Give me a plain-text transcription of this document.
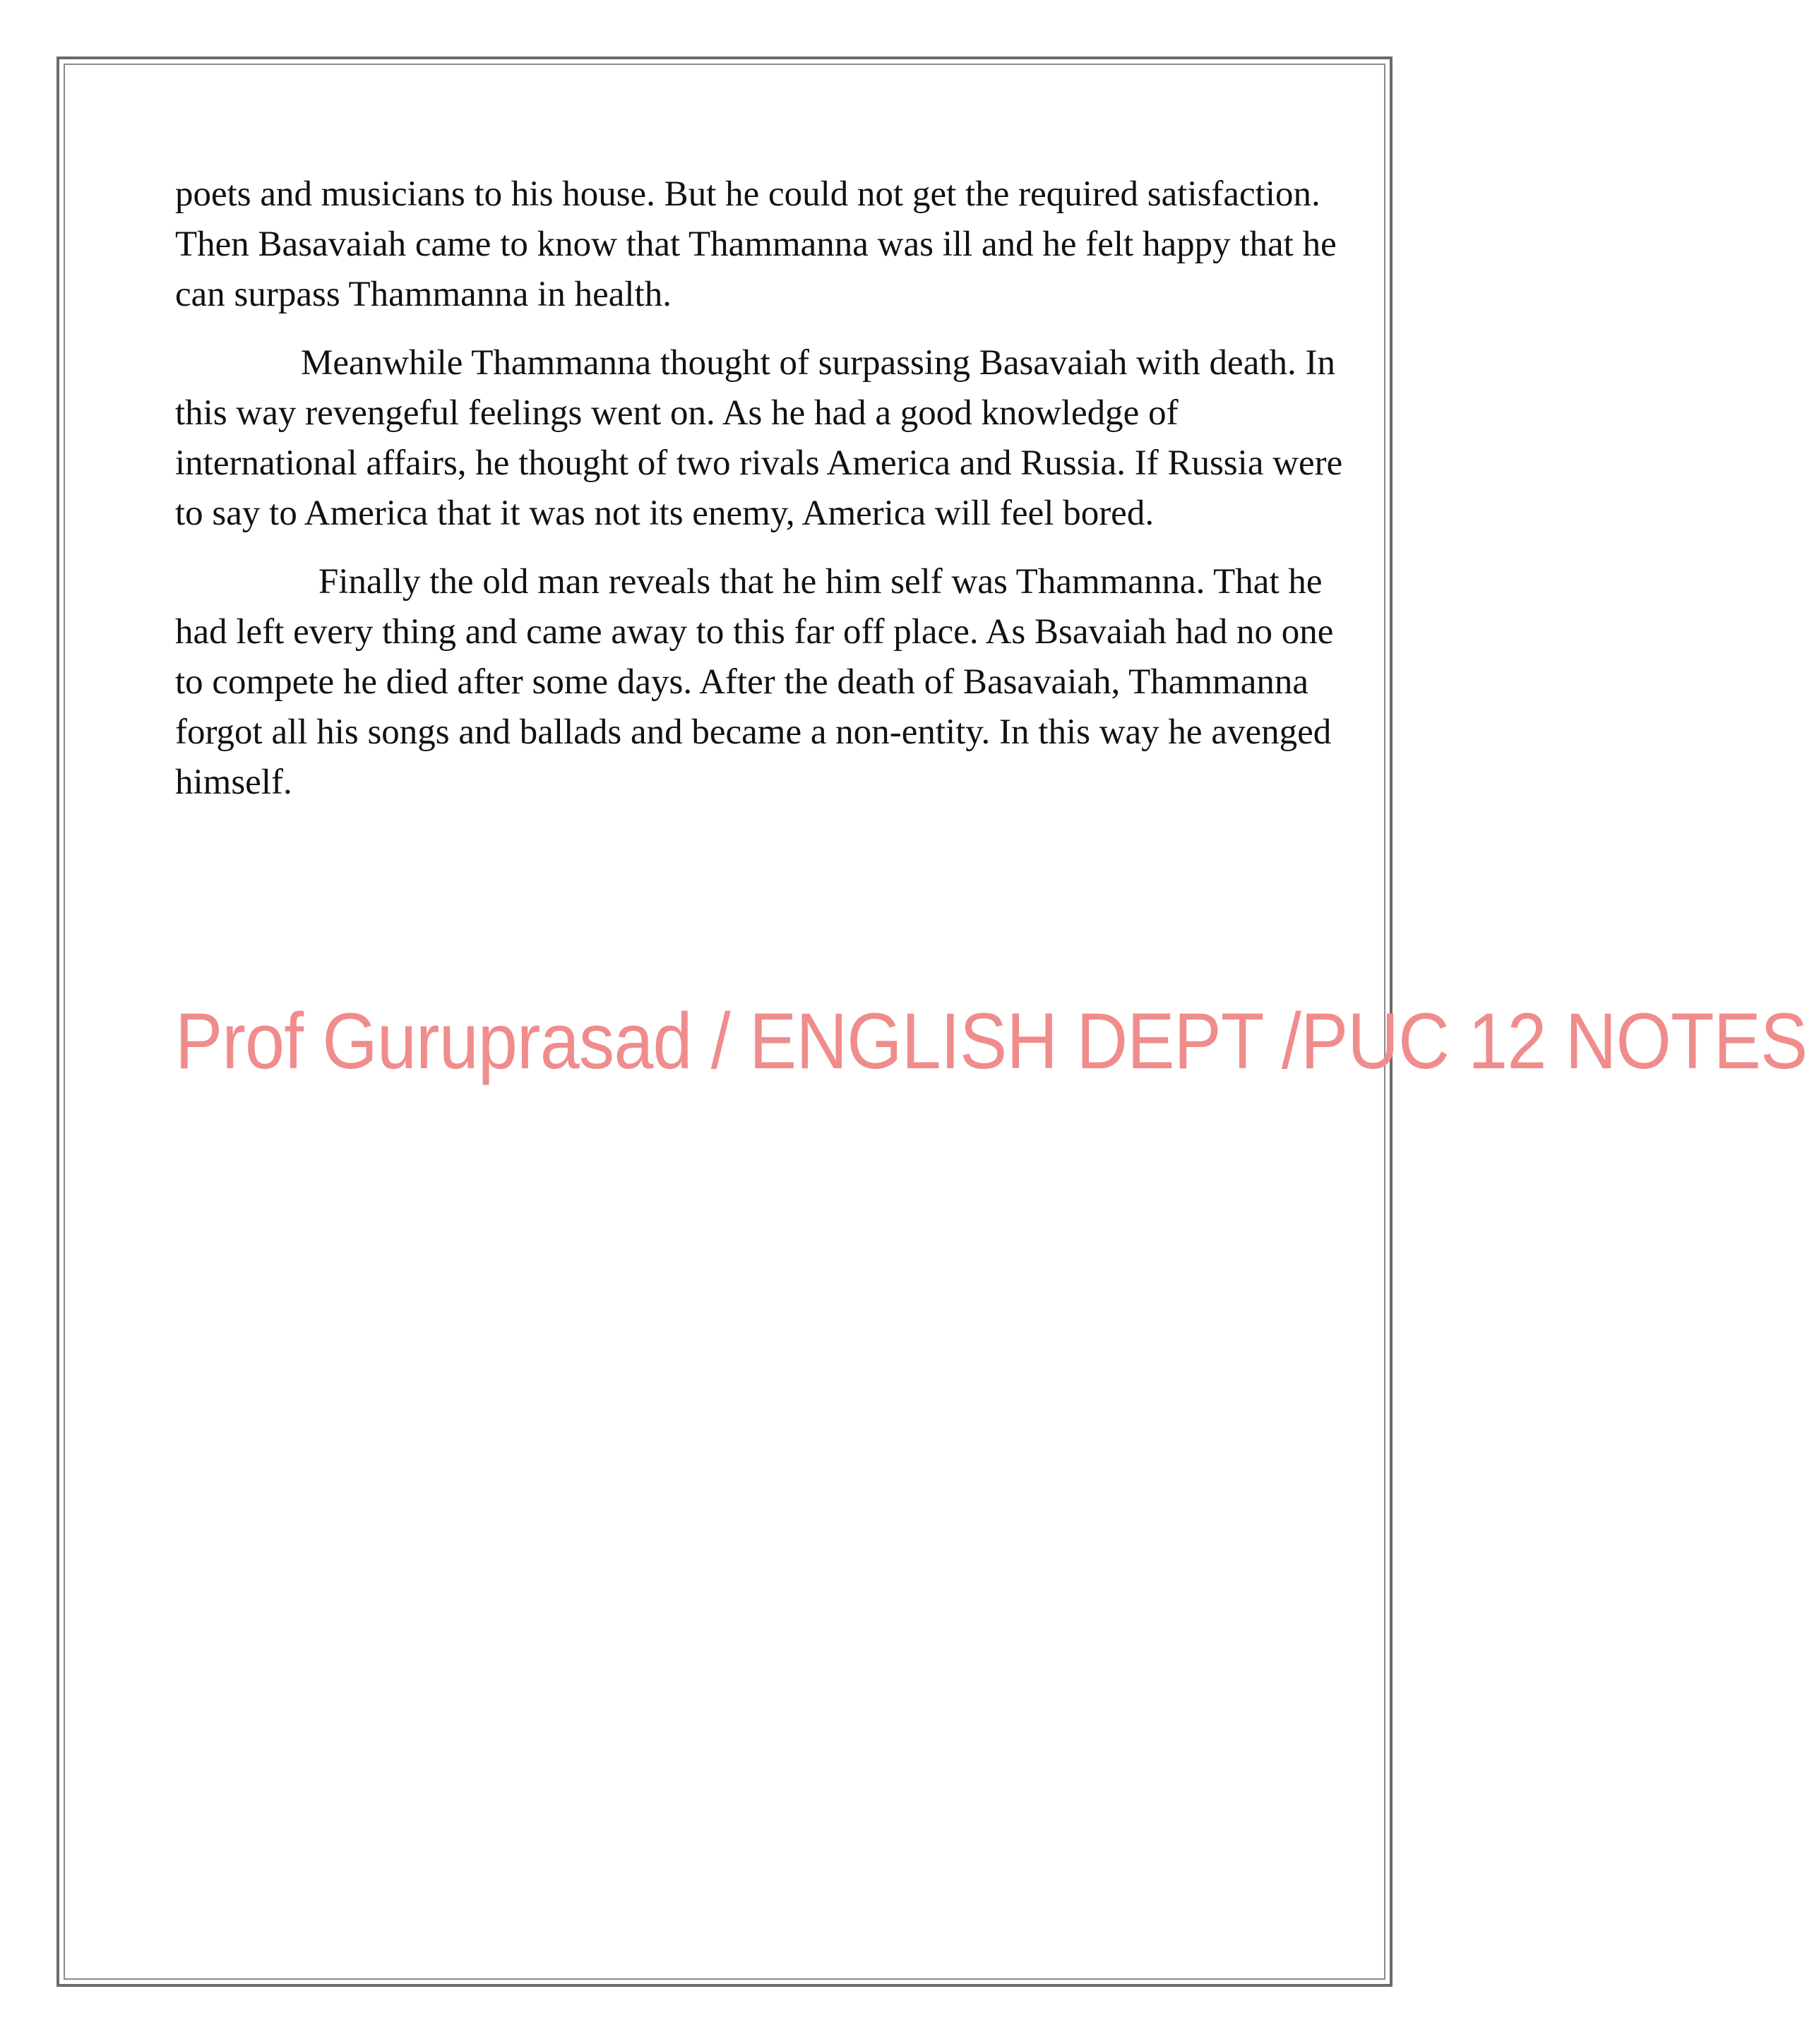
poets and musicians to his house. But he could not get the required satisfaction. Then Basavaiah came to know that Thammanna was ill and he felt happy that he can surpass Thammanna in health.

Meanwhile Thammanna thought of surpassing Basavaiah with death. In this way revengeful feelings went on. As he had a good knowledge of international affairs, he thought of two rivals America and Russia. If Russia were to say to America that it was not its enemy, America will feel bored.

Finally the old man reveals that he him self was Thammanna. That he had left every thing and came away to this far off place. As Bsavaiah had no one to compete he died after some days. After the death of Basavaiah, Thammanna forgot all his songs and ballads and became a non-entity. In this way he avenged himself.

Prof Guruprasad / ENGLISH DEPT /PUC 12 NOTES
